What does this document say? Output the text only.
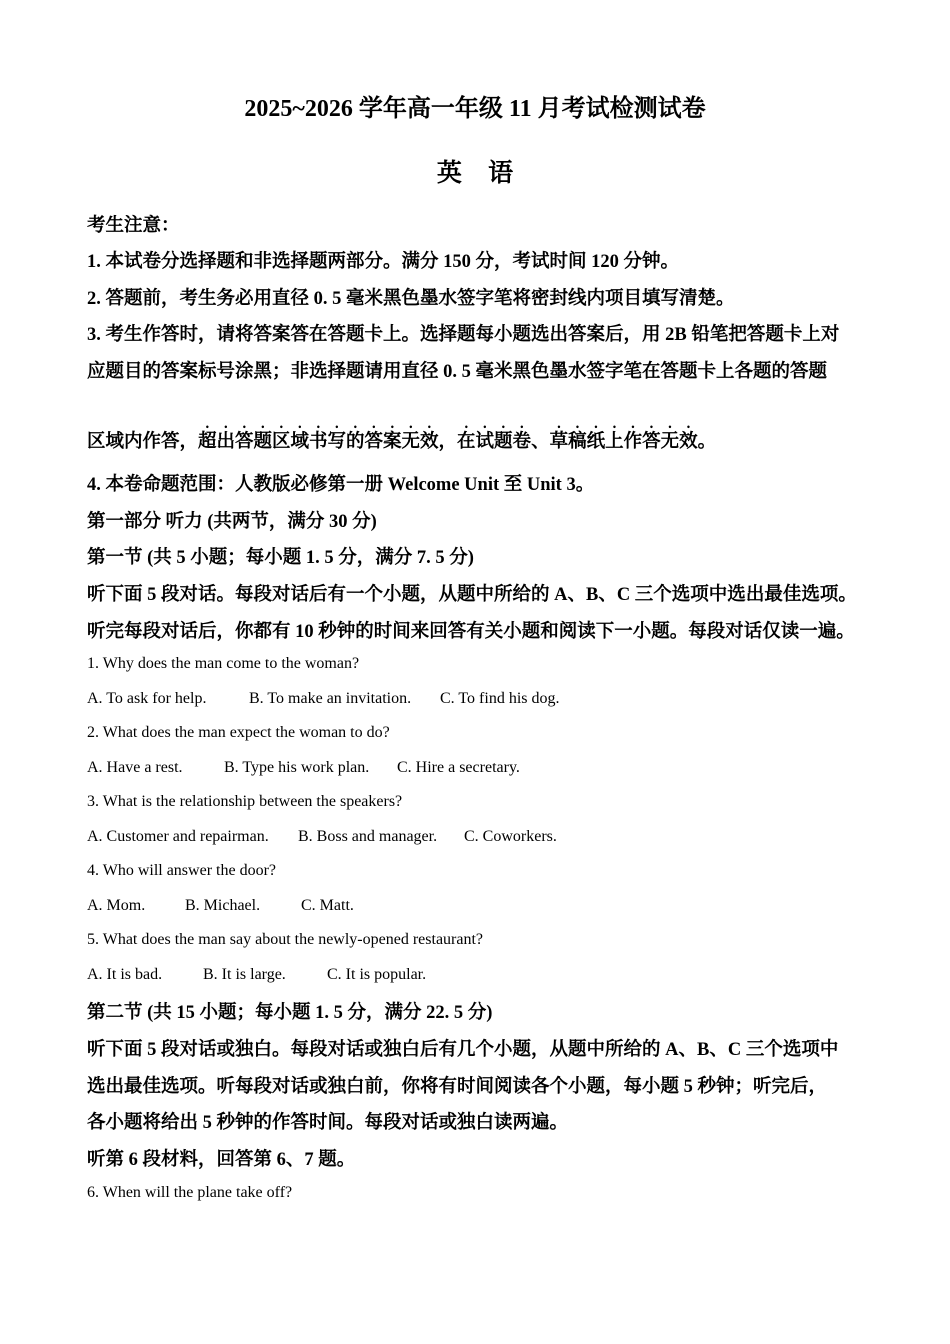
2025~2026 学年高一年级 11 月考试检测试卷
英 语
考生注意：
1. 本试卷分选择题和非选择题两部分。满分 150 分，考试时间 120 分钟。
2. 答题前，考生务必用直径 0. 5 毫米黑色墨水签字笔将密封线内项目填写清楚。
3. 考生作答时，请将答案答在答题卡上。选择题每小题选出答案后，用 2B 铅笔把答题卡上对
应题目的答案标号涂黑；非选择题请用直径 0. 5 毫米黑色墨水签字笔在答题卡上各题的答题
区域内作答，超出答题区域书写的答案无效，在试题卷、草稿纸上作答无效。
4. 本卷命题范围：人教版必修第一册 Welcome Unit 至 Unit 3。
第一部分 听力 (共两节，满分 30 分)
第一节 (共 5 小题；每小题 1. 5 分，满分 7. 5 分)
听下面 5 段对话。每段对话后有一个小题，从题中所给的 A、B、C 三个选项中选出最佳选项。
听完每段对话后，你都有 10 秒钟的时间来回答有关小题和阅读下一小题。每段对话仅读一遍。
1. Why does the man come to the woman?
A. To ask for help.	B. To make an invitation. C. To find his dog.
2. What does the man expect the woman to do?
A. Have a rest.	B. Type his work plan. C. Hire a secretary.
3. What is the relationship between the speakers?
A. Customer and repairman. B. Boss and manager. C. Coworkers.
4. Who will answer the door?
A. Mom. B. Michael.	C. Matt.
5. What does the man say about the newly-opened restaurant?
A. It is bad.	B. It is large.	C. It is popular.
第二节 (共 15 小题；每小题 1. 5 分，满分 22. 5 分)
听下面 5 段对话或独白。每段对话或独白后有几个小题，从题中所给的 A、B、C 三个选项中
选出最佳选项。听每段对话或独白前，你将有时间阅读各个小题，每小题 5 秒钟；听完后，
各小题将给出 5 秒钟的作答时间。每段对话或独白读两遍。
听第 6 段材料，回答第 6、7 题。
6. When will the plane take off?
